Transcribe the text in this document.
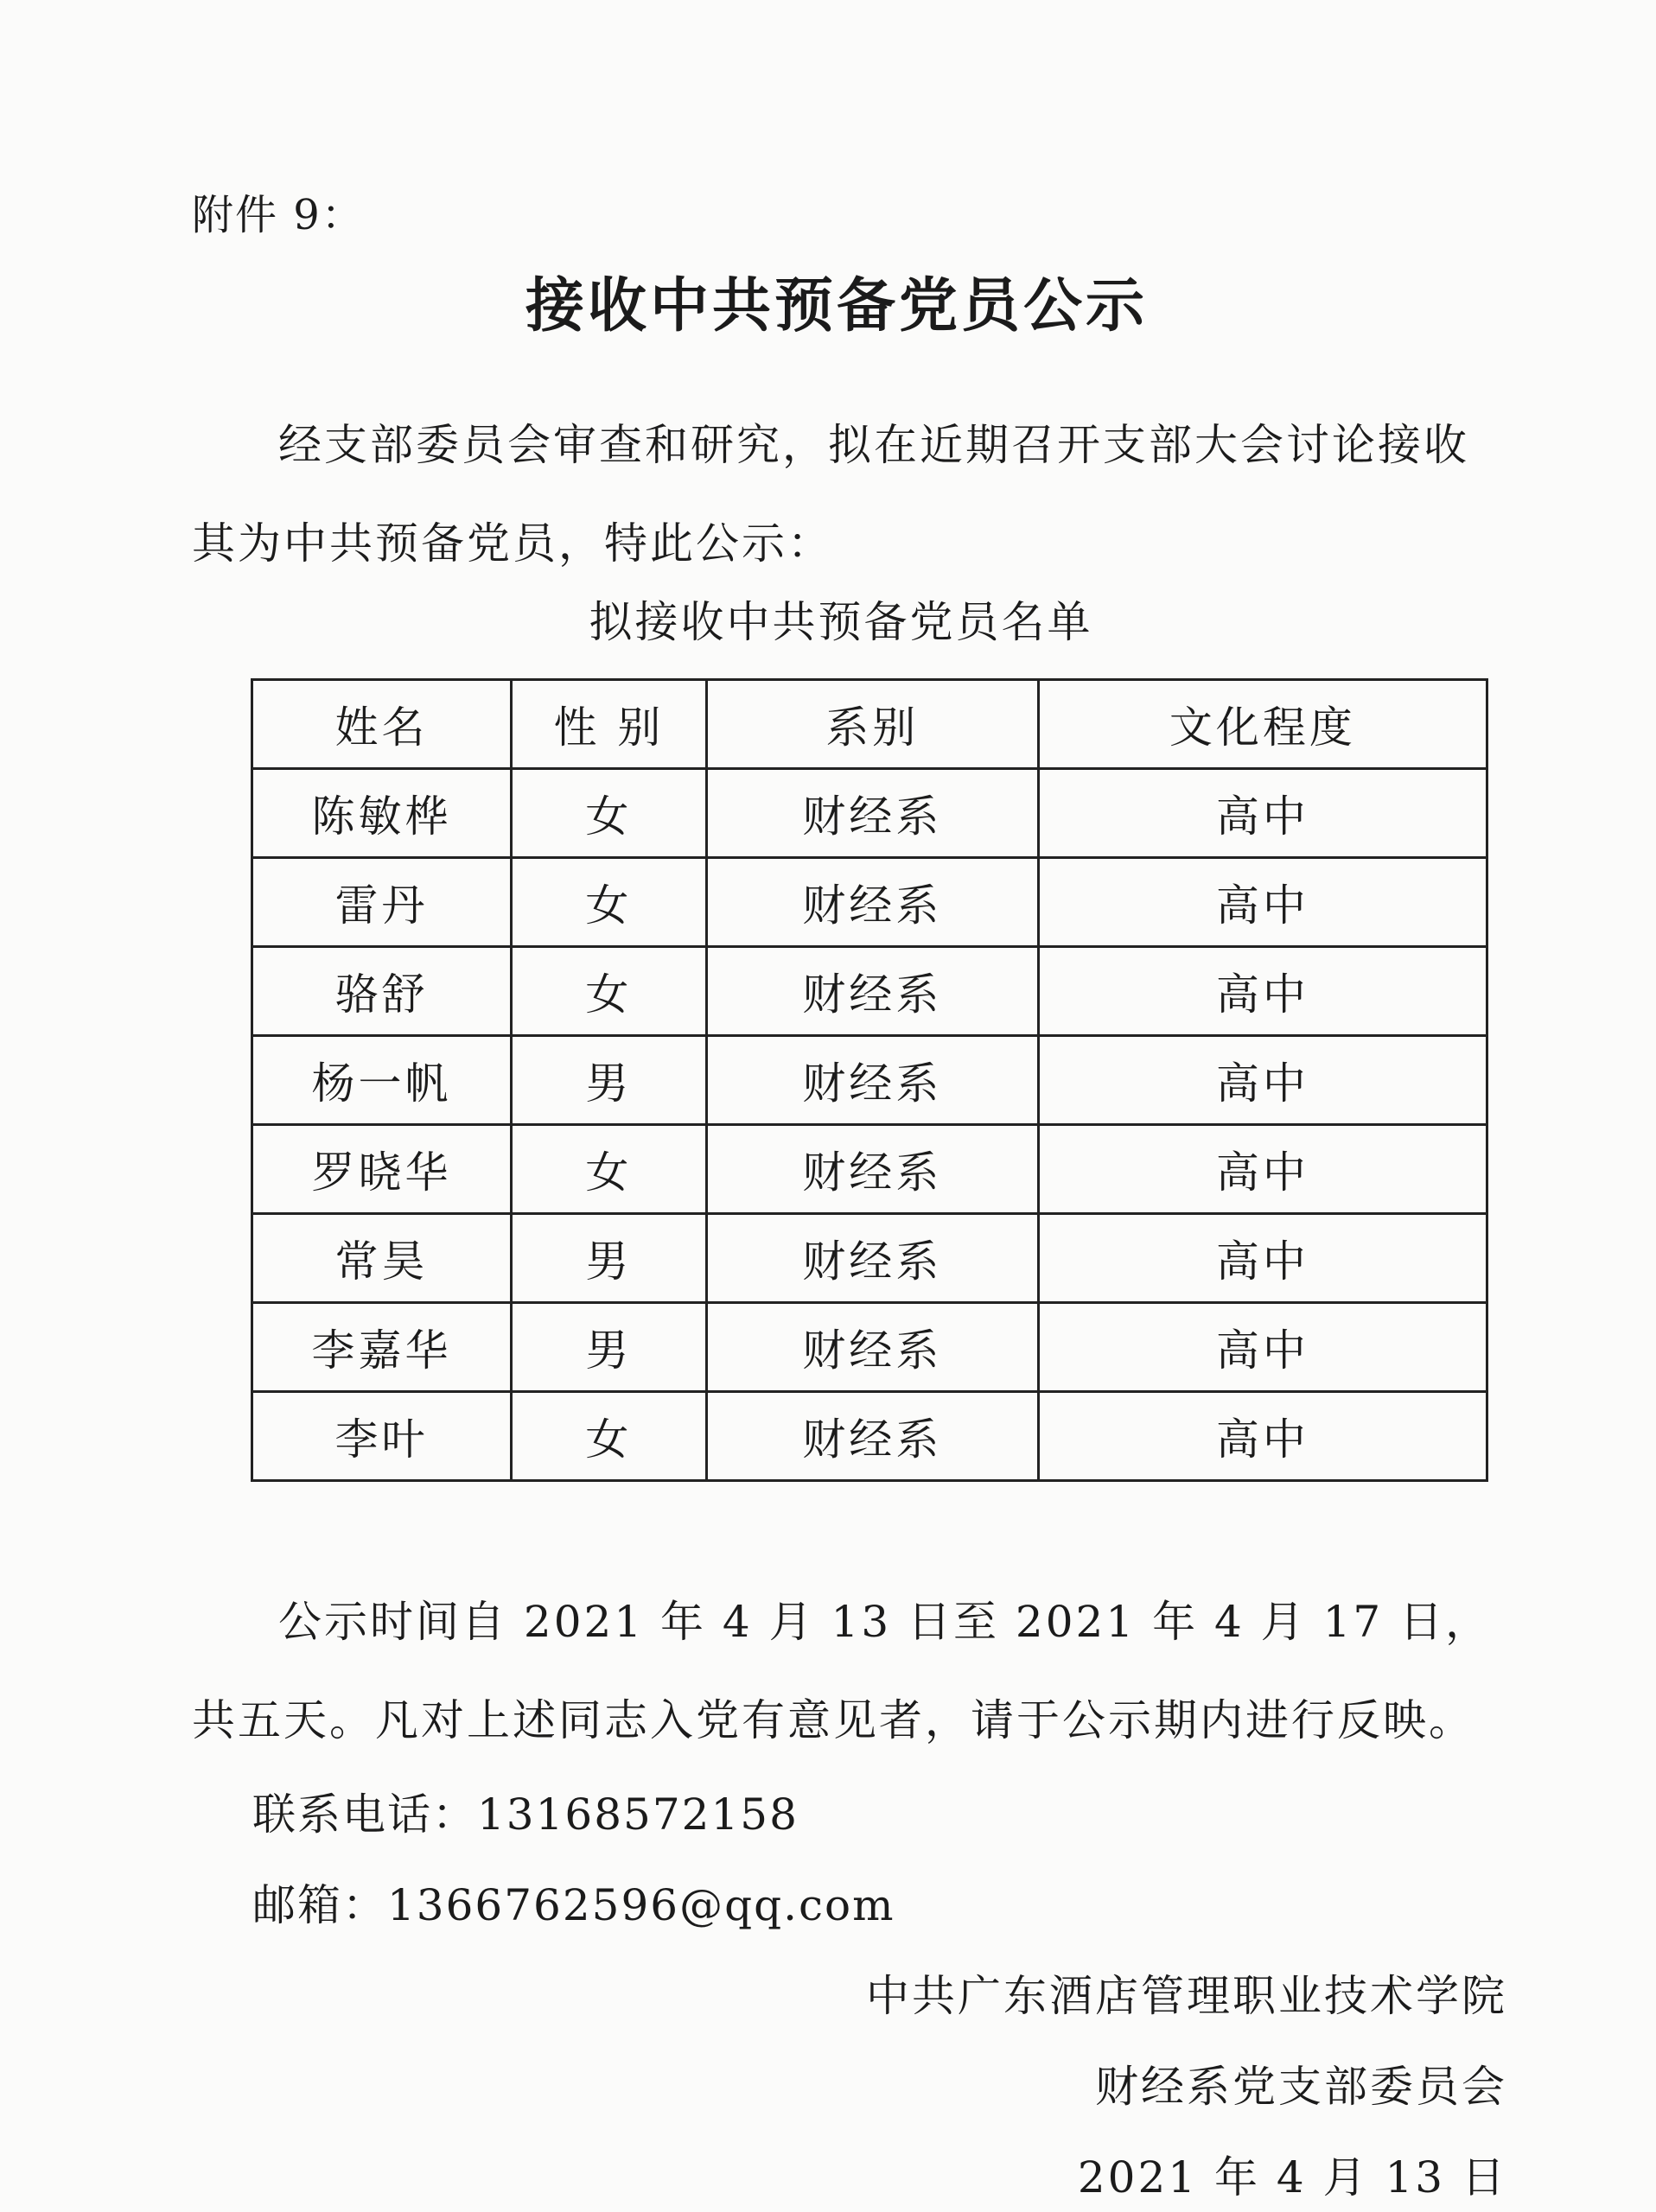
附件 9：
接收中共预备党员公示
经支部委员会审查和研究，拟在近期召开支部大会讨论接收其为中共预备党员，特此公示：
拟接收中共预备党员名单
姓名	性 别	系别	文化程度
陈敏桦	女	财经系	高中
雷丹	女	财经系	高中
骆舒	女	财经系	高中
杨一帆	男	财经系	高中
罗晓华	女	财经系	高中
常昊	男	财经系	高中
李嘉华	男	财经系	高中
李叶	女	财经系	高中
公示时间自 2021 年 4 月 13 日至 2021 年 4 月 17 日，共五天。凡对上述同志入党有意见者，请于公示期内进行反映。
联系电话：13168572158
邮箱：1366762596@qq.com
中共广东酒店管理职业技术学院
财经系党支部委员会
2021 年 4 月 13 日
